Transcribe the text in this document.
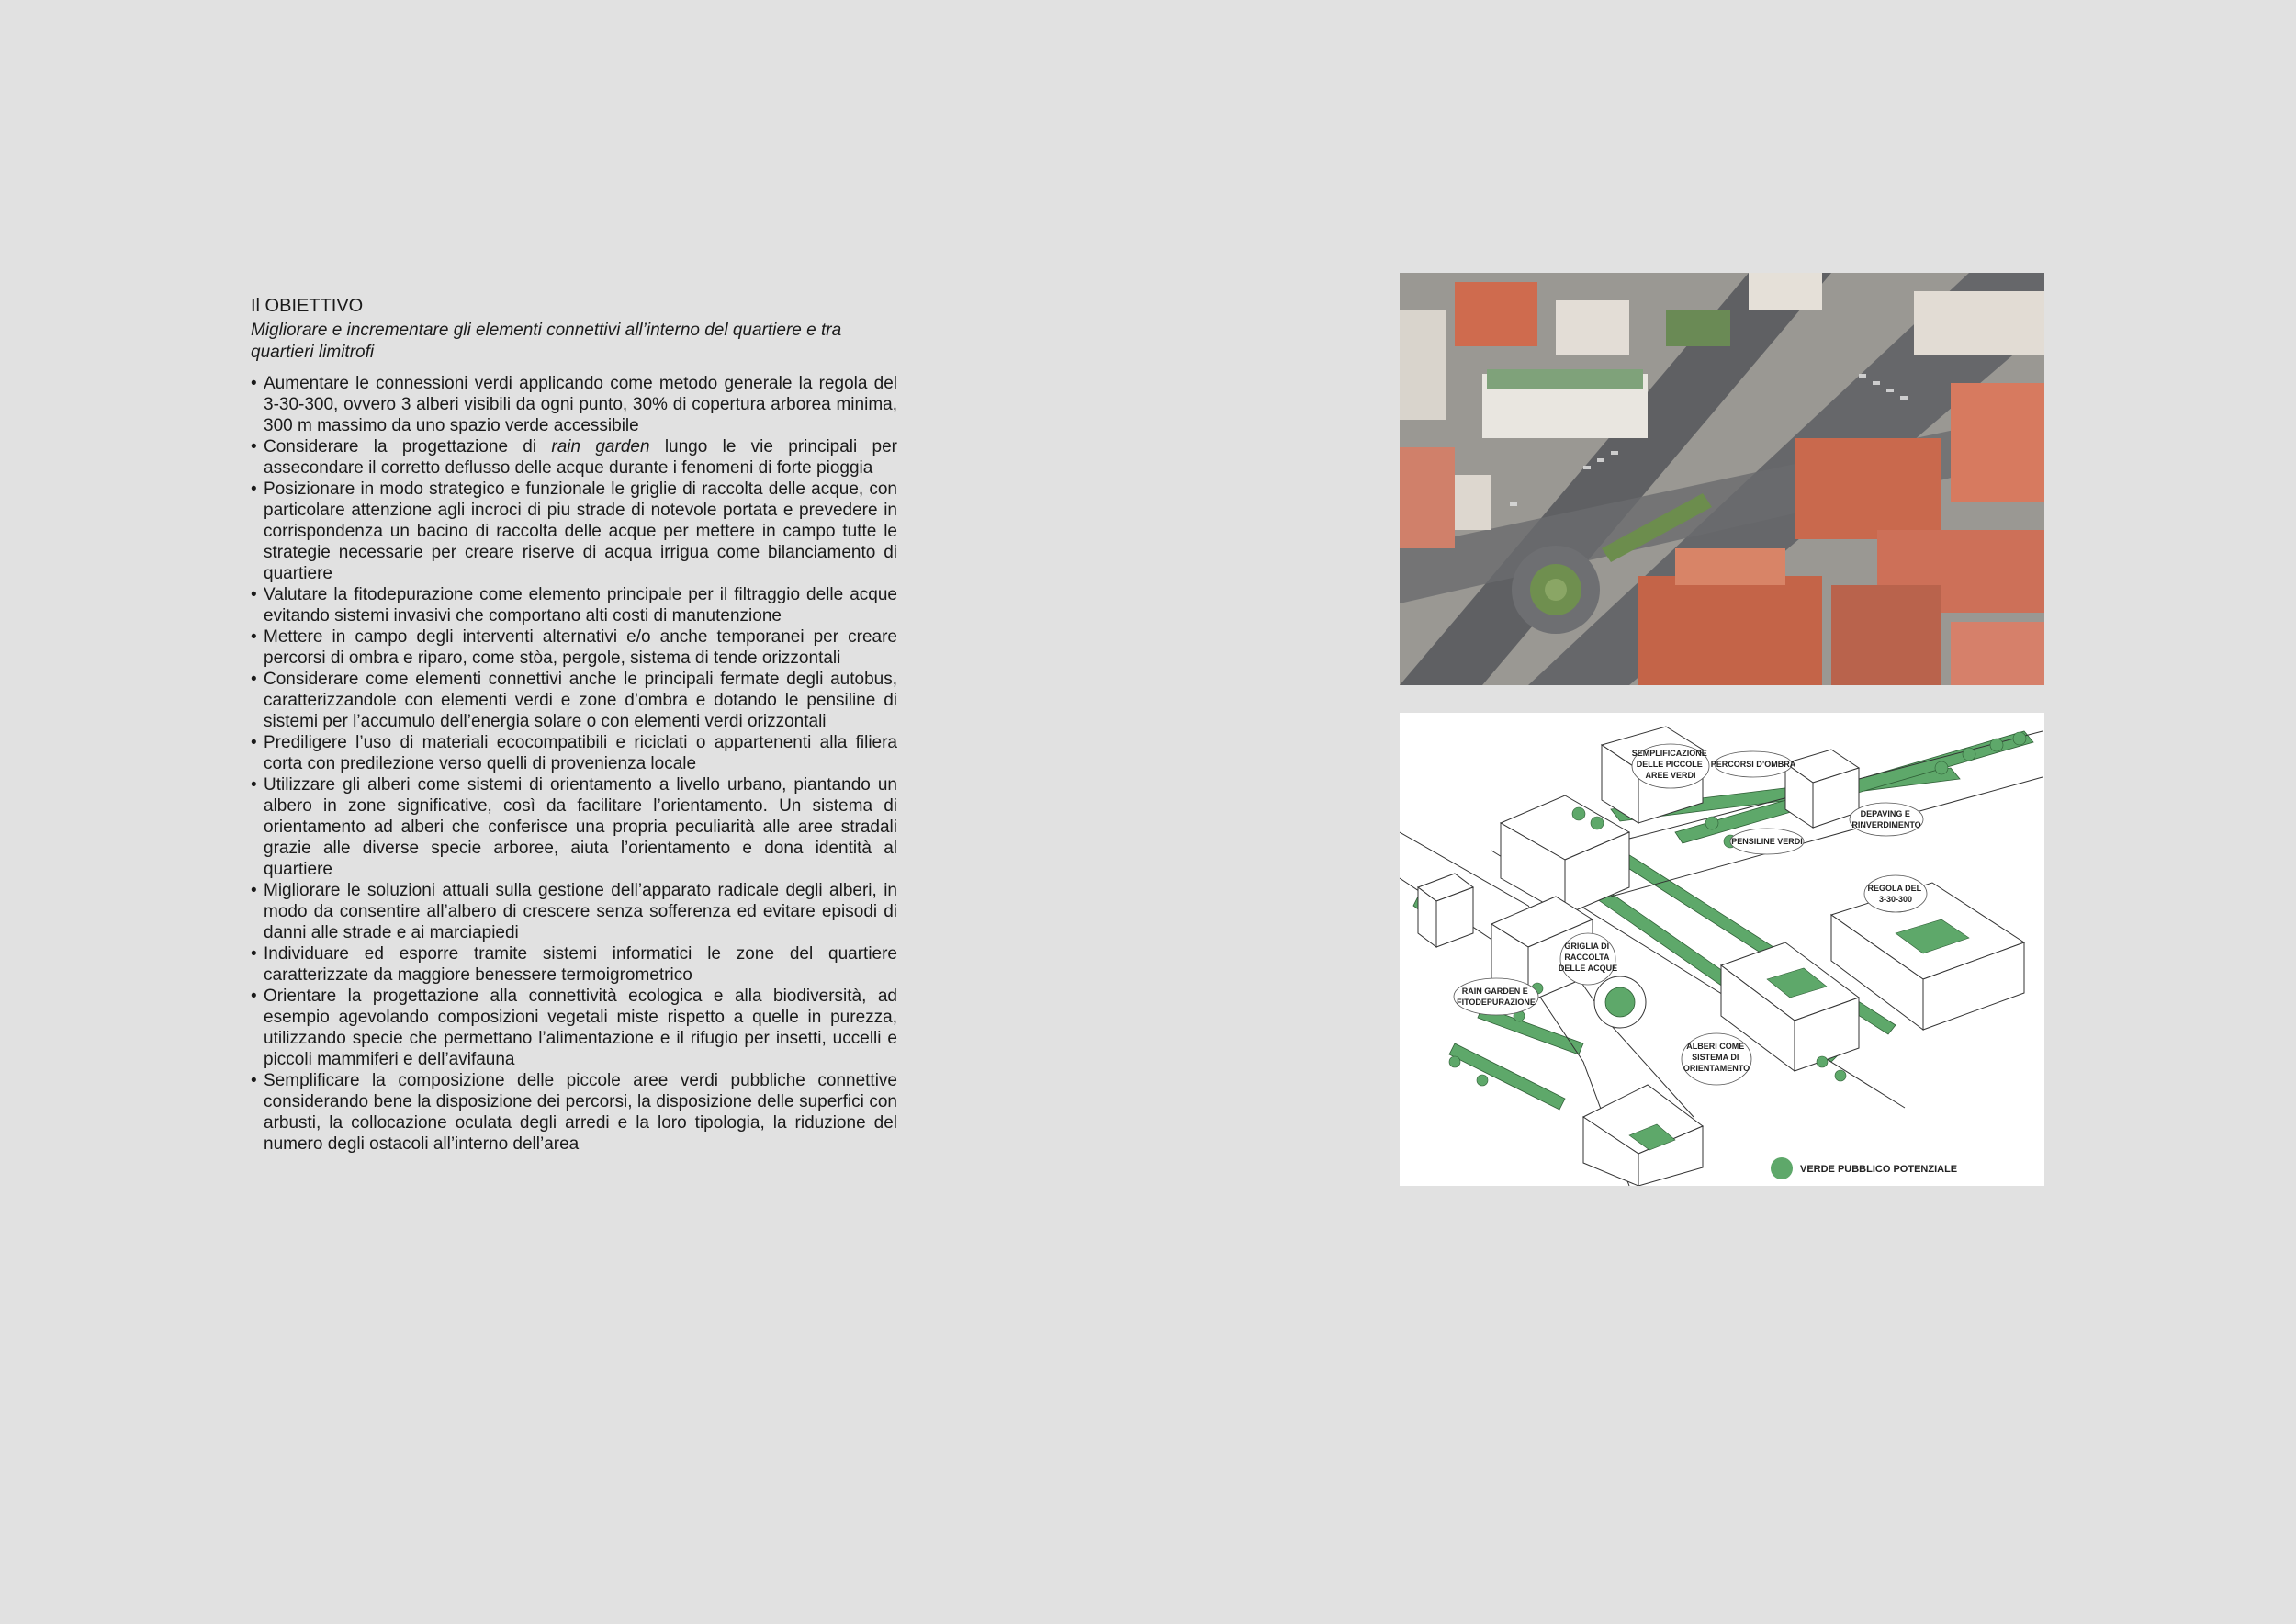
Il OBIETTIVO
Migliorare e incrementare gli elementi connettivi all’interno del quartiere e tra quartieri limitrofi
• Aumentare le connessioni verdi applicando come metodo generale la regola del 3-30-300, ovvero 3 alberi visibili da ogni punto, 30% di copertura arborea minima, 300 m massimo da uno spazio verde accessibile
• Considerare la progettazione di rain garden lungo le vie principali per assecondare il corretto deflusso delle acque durante i fenomeni di forte pioggia
• Posizionare in modo strategico e funzionale le griglie di raccolta delle acque, con particolare attenzione agli incroci di piu strade di notevole portata e prevedere in corrispondenza un bacino di raccolta delle acque per mettere in campo tutte le strategie necessarie per creare riserve di acqua irrigua come bilanciamento di quartiere
• Valutare la fitodepurazione come elemento principale per il filtraggio delle acque evitando sistemi invasivi che comportano alti costi di manutenzione
• Mettere in campo degli interventi alternativi e/o anche temporanei per creare percorsi di ombra e riparo, come stòa, pergole, sistema di tende orizzontali
• Considerare come elementi connettivi anche le principali fermate degli autobus, caratterizzandole con elementi verdi e zone d’ombra e dotando le pensiline di sistemi per l’accumulo dell’energia solare o con elementi verdi orizzontali
• Prediligere l’uso di materiali ecocompatibili e riciclati o appartenenti alla filiera corta con predilezione verso quelli di provenienza locale
• Utilizzare gli alberi come sistemi di orientamento a livello urbano, piantando un albero in zone significative, così da facilitare l’orientamento. Un sistema di orientamento ad alberi che conferisce una propria peculiarità alle aree stradali grazie alle diverse specie arboree, aiuta l’orientamento e dona identità al quartiere
• Migliorare le soluzioni attuali sulla gestione dell’apparato radicale degli alberi, in modo da consentire all’albero di crescere senza sofferenza ed evitare episodi di danni alle strade e ai marciapiedi
• Individuare ed esporre tramite sistemi informatici le zone del quartiere caratterizzate da maggiore benessere termoigrometrico
• Orientare la progettazione alla connettività ecologica e alla biodiversità, ad esempio agevolando composizioni vegetali miste rispetto a quelle in purezza, utilizzando specie che permettano l’alimentazione e il rifugio per insetti, uccelli e piccoli mammiferi e dell’avifauna
• Semplificare la composizione delle piccole aree verdi pubbliche connettive considerando bene la disposizione dei percorsi, la disposizione delle superfici con arbusti, la collocazione oculata degli arredi e la loro tipologia, la riduzione del numero degli ostacoli all’interno dell’area
SEMPLIFICAZIONE DELLE PICCOLE AREE VERDI
PERCORSI D’OMBRA
DEPAVING E RINVERDIMENTO
PENSILINE VERDI
REGOLA DEL 3-30-300
GRIGLIA DI RACCOLTA DELLE ACQUE
RAIN GARDEN E FITODEPURAZIONE
ALBERI COME SISTEMA DI ORIENTAMENTO
VERDE PUBBLICO POTENZIALE
